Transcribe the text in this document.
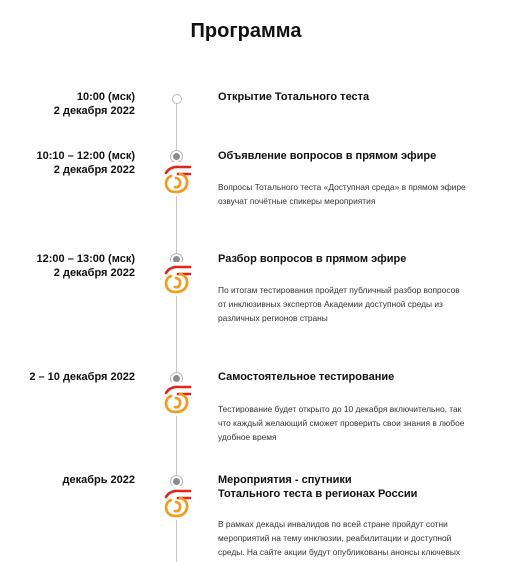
Программа
10:00 (мск)
2 декабря 2022
Открытие Тотального теста
10:10 – 12:00 (мск)
2 декабря 2022
Объявление вопросов в прямом эфире
Вопросы Тотального теста «Доступная среда» в прямом эфире
озвучат почётные спикеры мероприятия
12:00 – 13:00 (мск)
2 декабря 2022
Разбор вопросов в прямом эфире
По итогам тестирования пройдет публичный разбор вопросов
от инклюзивных экспертов Академии доступной среды из
различных регионов страны
2 – 10 декабря 2022	Самостоятельное тестирование
Тестирование будет открыто до 10 декабря включительно, так
что каждый желающий сможет проверить свои знания в любое
удобное время
декабрь 2022	Мероприятия - спутники
Тотального теста в регионах России
В рамках декады инвалидов по всей стране пройдут сотни
мероприятий на тему инклюзии, реабилитации и доступной
среды. На сайте акции будут опубликованы анонсы ключевых
